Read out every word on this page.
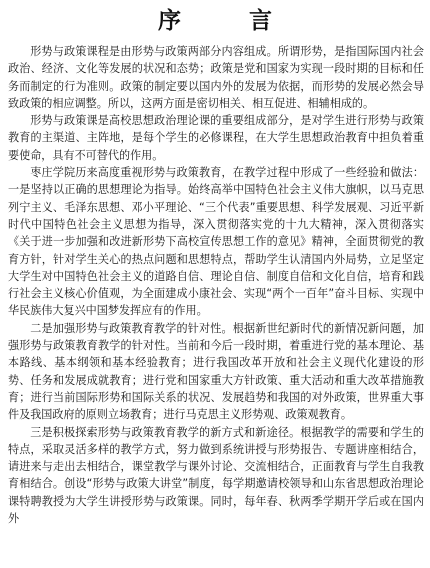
序 言

形势与政策课程是由形势与政策两部分内容组成。所谓形势，是指国际国内社会政治、经济、文化等发展的状况和态势；政策是党和国家为实现一段时期的目标和任务而制定的行为准则。政策的制定要以国内外的发展为依据，而形势的发展必然会导致政策的相应调整。所以，这两方面是密切相关、相互促进、相辅相成的。

形势与政策课是高校思想政治理论课的重要组成部分，是对学生进行形势与政策教育的主渠道、主阵地，是每个学生的必修课程，在大学生思想政治教育中担负着重要使命，具有不可替代的作用。

枣庄学院历来高度重视形势与政策教育，在教学过程中形成了一些经验和做法：一是坚持以正确的思想理论为指导。始终高举中国特色社会主义伟大旗帜，以马克思列宁主义、毛泽东思想、邓小平理论、“三个代表”重要思想、科学发展观、习近平新时代中国特色社会主义思想为指导，深入贯彻落实党的十九大精神，深入贯彻落实《关于进一步加强和改进新形势下高校宣传思想工作的意见》精神，全面贯彻党的教育方针，针对学生关心的热点问题和思想特点，帮助学生认清国内外局势，立足坚定大学生对中国特色社会主义的道路自信、理论自信、制度自信和文化自信，培育和践行社会主义核心价值观，为全面建成小康社会、实现“两个一百年”奋斗目标、实现中华民族伟大复兴中国梦发挥应有的作用。

二是加强形势与政策教育教学的针对性。根据新世纪新时代的新情况新问题，加强形势与政策教育教学的针对性。当前和今后一段时期，着重进行党的基本理论、基本路线、基本纲领和基本经验教育；进行我国改革开放和社会主义现代化建设的形势、任务和发展成就教育；进行党和国家重大方针政策、重大活动和重大改革措施教育；进行当前国际形势和国际关系的状况、发展趋势和我国的对外政策，世界重大事件及我国政府的原则立场教育；进行马克思主义形势观、政策观教育。

三是积极探索形势与政策教育教学的新方式和新途径。根据教学的需要和学生的特点，采取灵活多样的教学方式，努力做到系统讲授与形势报告、专题讲座相结合，请进来与走出去相结合，课堂教学与课外讨论、交流相结合，正面教育与学生自我教育相结合。创设“形势与政策大讲堂”制度，每学期邀请校领导和山东省思想政治理论课特聘教授为大学生讲授形势与政策课。同时，每年春、秋两季学期开学后或在国内外
